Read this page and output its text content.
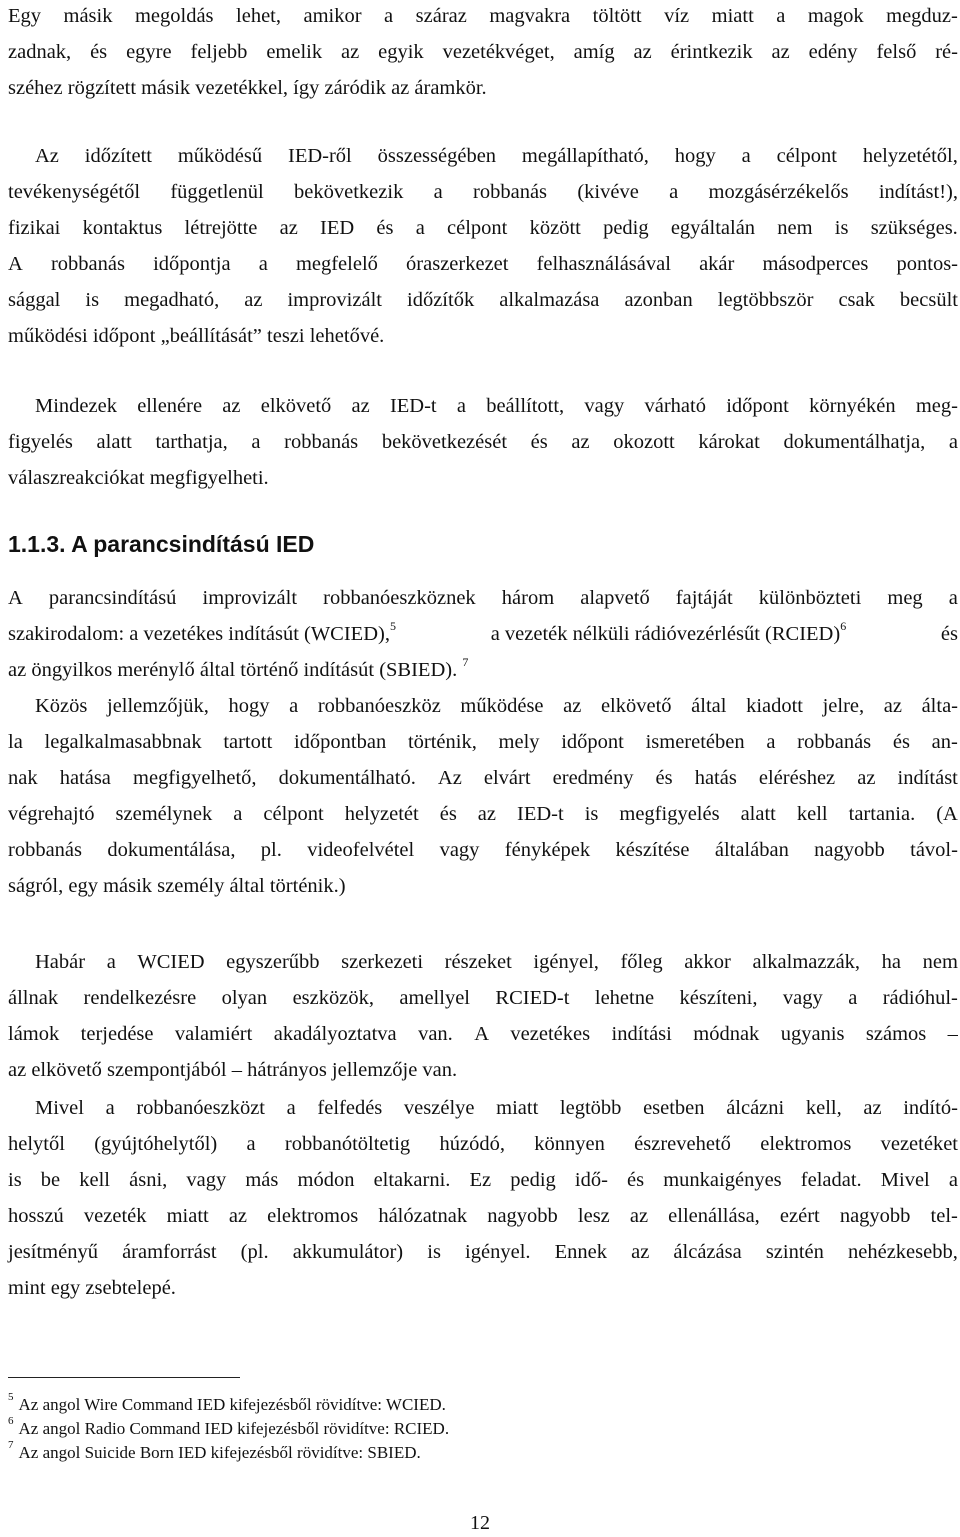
Egy másik megoldás lehet, amikor a száraz magvakra töltött víz miatt a magok megduz-
zadnak, és egyre feljebb emelik az egyik vezetékvéget, amíg az érintkezik az edény felső ré-
széhez rögzített másik vezetékkel, így záródik az áramkör.
Az időzített működésű IED-ről összességében megállapítható, hogy a célpont helyzetétől,
tevékenységétől függetlenül bekövetkezik a robbanás (kivéve a mozgásérzékelős indítást!),
fizikai kontaktus létrejötte az IED és a célpont között pedig egyáltalán nem is szükséges.
A robbanás időpontja a megfelelő óraszerkezet felhasználásával akár másodperces pontos-
sággal is megadható, az improvizált időzítők alkalmazása azonban legtöbbször csak becsült
működési időpont „beállítását” teszi lehetővé.
Mindezek ellenére az elkövető az IED-t a beállított, vagy várható időpont környékén meg-
figyelés alatt tarthatja, a robbanás bekövetkezését és az okozott károkat dokumentálhatja, a
válaszreakciókat megfigyelheti.
1.1.3. A parancsindítású IED
A parancsindítású improvizált robbanóeszköznek három alapvető fajtáját különbözteti meg a
szakirodalom: a vezetékes indításút (WCIED),$^5$	a vezeték nélküli rádióvezérlésűt (RCIED)$^6$	és
az öngyilkos merénylő által történő indításút (SBIED). $^7$
Közös jellemzőjük, hogy a robbanóeszköz működése az elkövető által kiadott jelre, az álta-
la legalkalmasabbnak tartott időpontban történik, mely időpont ismeretében a robbanás és an-
nak hatása megfigyelhető, dokumentálható. Az elvárt eredmény és hatás eléréshez az indítást
végrehajtó személynek a célpont helyzetét és az IED-t is megfigyelés alatt kell tartania. (A
robbanás dokumentálása, pl. videofelvétel vagy fényképek készítése általában nagyobb távol-
ságról, egy másik személy által történik.)
Habár a WCIED egyszerűbb szerkezeti részeket igényel, főleg akkor alkalmazzák, ha nem
állnak rendelkezésre olyan eszközök, amellyel RCIED-t lehetne készíteni, vagy a rádióhul-
lámok terjedése valamiért akadályoztatva van. A vezetékes indítási módnak ugyanis számos –
az elkövető szempontjából – hátrányos jellemzője van.
Mivel a robbanóeszközt a felfedés veszélye miatt legtöbb esetben álcázni kell, az indító-
helytől (gyújtóhelytől) a robbanótöltetig húzódó, könnyen észrevehető elektromos vezetéket
is be kell ásni, vagy más módon eltakarni. Ez pedig idő- és munkaigényes feladat. Mivel a
hosszú vezeték miatt az elektromos hálózatnak nagyobb lesz az ellenállása, ezért nagyobb tel-
jesítményű áramforrást (pl. akkumulátor) is igényel. Ennek az álcázása szintén nehézkesebb,
mint egy zsebtelepé.
$^5$ Az angol Wire Command IED kifejezésből rövidítve: WCIED.
$^6$ Az angol Radio Command IED kifejezésből rövidítve: RCIED.
$^7$ Az angol Suicide Born IED kifejezésből rövidítve: SBIED.
12
